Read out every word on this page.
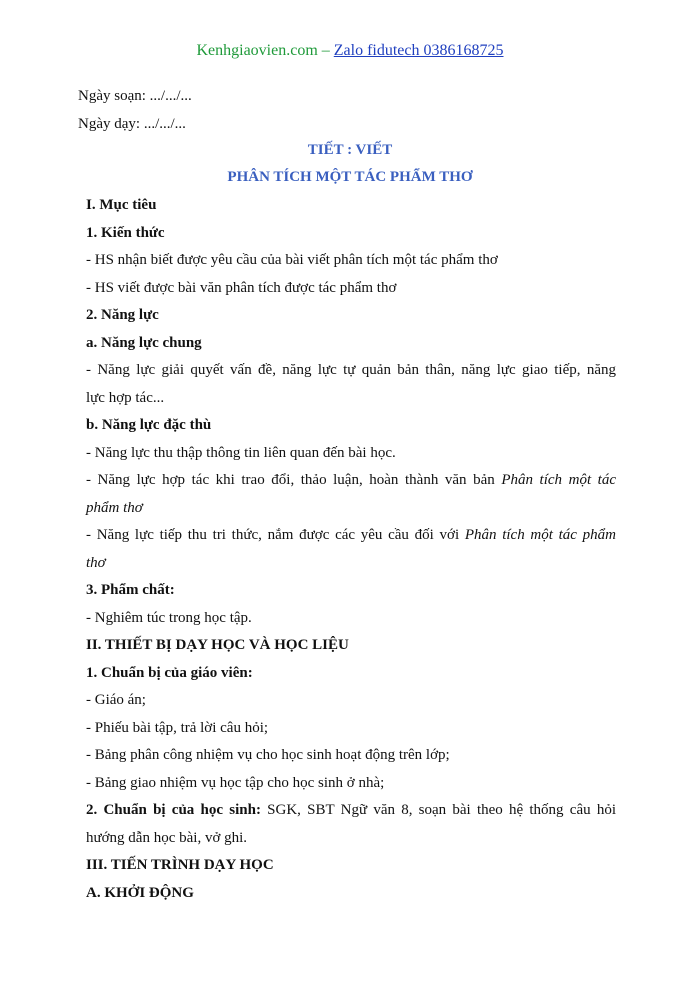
Kenhgiaovien.com – Zalo fidutech 0386168725
Ngày soạn: .../.../...
Ngày dạy: .../.../...
TIẾT : VIẾT
PHÂN TÍCH MỘT TÁC PHẨM THƠ
I. Mục tiêu
1. Kiến thức
- HS nhận biết được yêu cầu của bài viết phân tích một tác phẩm thơ
- HS viết được bài văn phân tích được tác phẩm thơ
2. Năng lực
a. Năng lực chung
- Năng lực giải quyết vấn đề, năng lực tự quản bản thân, năng lực giao tiếp, năng
lực hợp tác...
b. Năng lực đặc thù
- Năng lực thu thập thông tin liên quan đến bài học.
- Năng lực hợp tác khi trao đổi, thảo luận, hoàn thành văn bản Phân tích một tác
phẩm thơ
- Năng lực tiếp thu tri thức, nắm được các yêu cầu đối với Phân tích một tác phẩm
thơ
3. Phẩm chất:
- Nghiêm túc trong học tập.
II. THIẾT BỊ DẠY HỌC VÀ HỌC LIỆU
1. Chuẩn bị của giáo viên:
- Giáo án;
- Phiếu bài tập, trả lời câu hỏi;
- Bảng phân công nhiệm vụ cho học sinh hoạt động trên lớp;
- Bảng giao nhiệm vụ học tập cho học sinh ở nhà;
2. Chuẩn bị của học sinh: SGK, SBT Ngữ văn 8, soạn bài theo hệ thống câu hỏi
hướng dẫn học bài, vở ghi.
III. TIẾN TRÌNH DẠY HỌC
A. KHỞI ĐỘNG
